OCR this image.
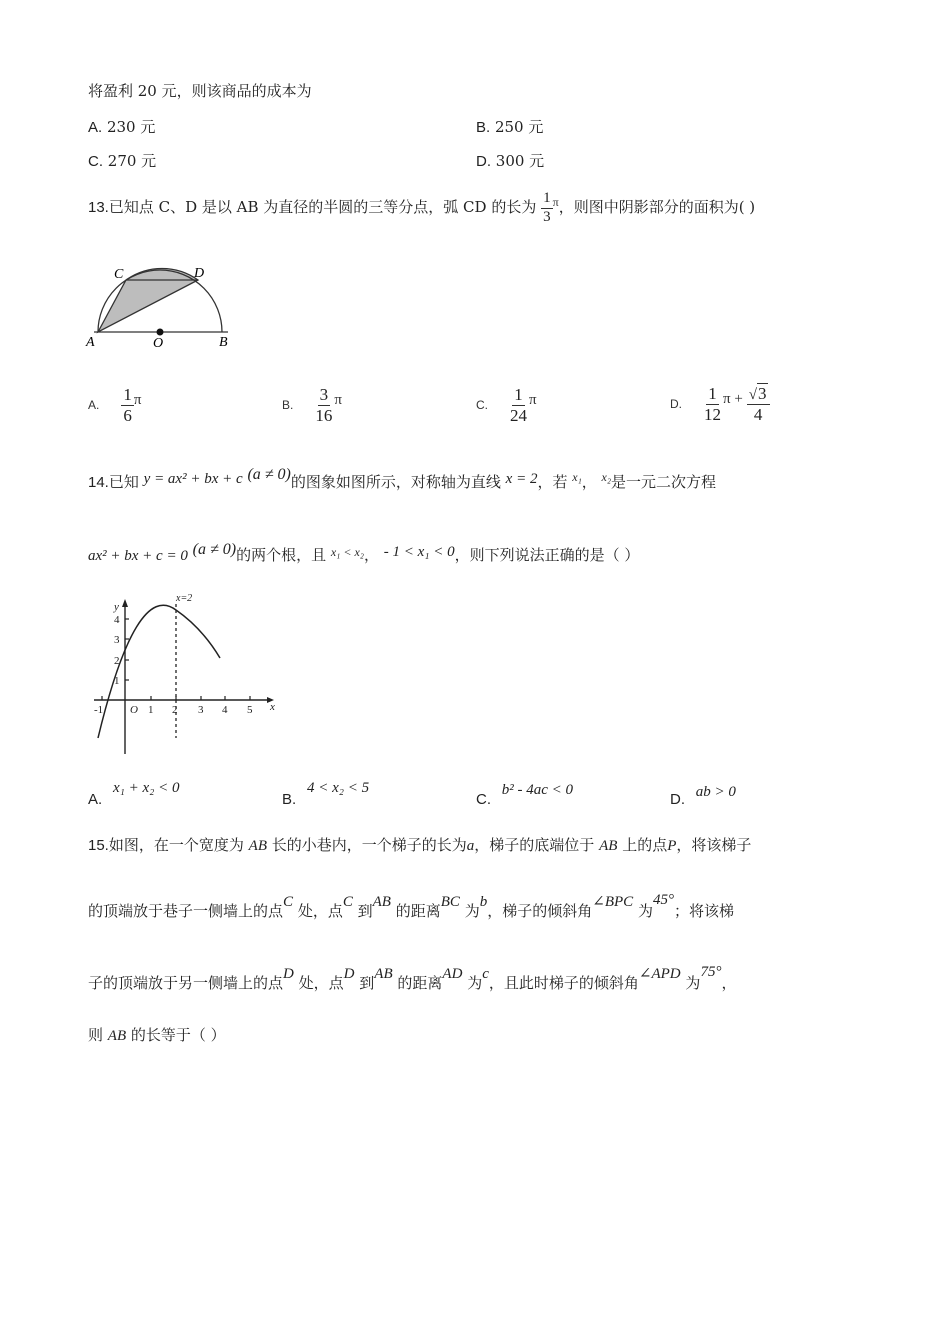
将盈利 20 元，则该商品的成本为
A. 230 元	B. 250 元
C. 270 元	D. 300 元
13.已知点 C、D 是以 AB 为直径的半圆的三等分点，弧 CD 的长为 $\frac{1}{3} ^\pi$，则图中阴影部分的面积为( )
A	O	B
C	D
A. $\frac{1}{6}$ π	B. $\frac{3}{16}$ π	C. $\frac{1}{24}$ π	D. $\frac{1}{12}$ $\pi + \frac{√3}{4}$
14.已知 y = ax² + bx + c (a ≠ 0)的图象如图所示，对称轴为直线 x = 2，若 $^{x_1}$， $^{x_2}$是一元二次方程
ax² + bx + c = 0 (a ≠ 0)的两个根，且 $^{x_1 < x_2}$， - 1 < x₁ < 0，则下列说法正确的是（ ）
-1 O 1 2 3 4 5 x
1
2
3
4
y
x=2
A. x₁ + x₂ < 0
B. 4 < x₂ < 5
C. b² - 4ac < 0
D. ab > 0
15.如图，在一个宽度为 AB 长的小巷内，一个梯子的长为a，梯子的底端位于 AB 上的点P，将该梯子
的顶端放于巷子一侧墙上的点C 处，点C 到AB 的距离BC 为b，梯子的倾斜角∠BPC 为45°；将该梯
子的顶端放于另一侧墙上的点D 处，点D 到AB 的距离AD 为c，且此时梯子的倾斜角∠APD 为75°，
则 AB 的长等于（ ）
